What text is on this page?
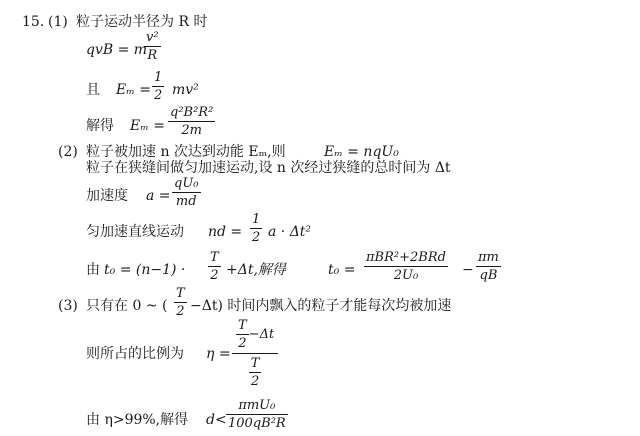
15. (1) 粒子运动半径为 R 时
qvB = m
$\frac{\text{v²}}{R}$
且 $E_m = \frac{1}{2} mv^2$
解得 $E_m = \frac{\text{q²B²R²}}{2m}$
(2) 粒子被加速 n 次达到动能 Eₘ,则	Eₘ = nqU₀
粒子在狭缝间做匀加速运动,设 n 次经过狭缝的总时间为 Δt
加速度 $a = \frac{\text{qU₀}}{md}$
匀加速直线运动 nd = $\frac{1}{2}$ a · Δt²
由 $t_0 = (n-1) \cdot \frac{T}{2} +\Delta t$,解得	t₀ =
πBR²+2BRd
2U₀	− $\frac{\pi m}{qB}$
(3) 只有在 0 ~ ( $\frac{T}{2} -\Delta t$) 时间内飘入的粒子才能每次均被加速
则所占的比例为 $\eta = \frac{\frac{T}{2} -\Delta t}{\frac{T}{2}}$
由 η>99%,解得 d<
πmU₀
100qB²R
